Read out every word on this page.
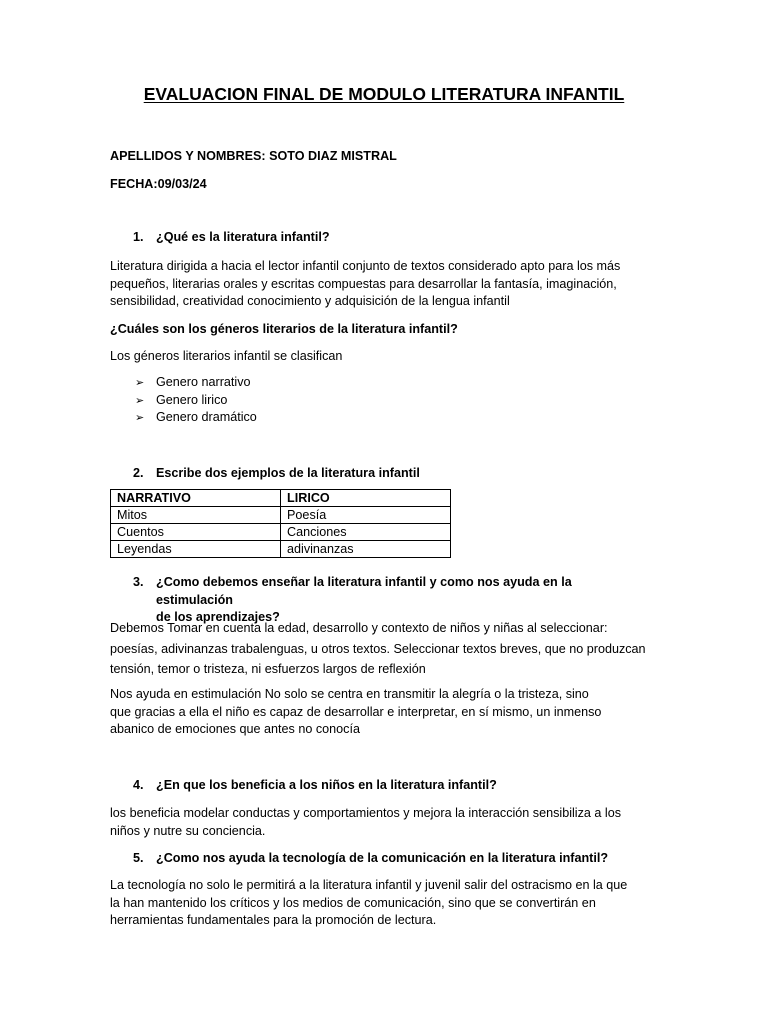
EVALUACION FINAL DE MODULO LITERATURA INFANTIL
APELLIDOS Y NOMBRES: SOTO DIAZ MISTRAL
FECHA:09/03/24
1. ¿Qué es la literatura infantil?
Literatura dirigida a hacia el lector infantil conjunto de textos considerado apto para los más
pequeños, literarias orales y escritas compuestas para desarrollar la fantasía, imaginación,
sensibilidad, creatividad conocimiento y adquisición de la lengua infantil
¿Cuáles son los géneros literarios de la literatura infantil?
Los géneros literarios infantil se clasifican
➢ Genero narrativo
➢ Genero lirico
➢ Genero dramático
2. Escribe dos ejemplos de la literatura infantil
NARRATIVO	LIRICO
Mitos	Poesía
Cuentos	Canciones
Leyendas	adivinanzas
3. ¿Como debemos enseñar la literatura infantil y como nos ayuda en la estimulación
de los aprendizajes?
Debemos Tomar en cuenta la edad, desarrollo y contexto de niños y niñas al seleccionar:
poesías, adivinanzas trabalenguas, u otros textos. Seleccionar textos breves, que no produzcan
tensión, temor o tristeza, ni esfuerzos largos de reflexión
Nos ayuda en estimulación No solo se centra en transmitir la alegría o la tristeza, sino
que gracias a ella el niño es capaz de desarrollar e interpretar, en sí mismo, un inmenso
abanico de emociones que antes no conocía
4. ¿En que los beneficia a los niños en la literatura infantil?
los beneficia modelar conductas y comportamientos y mejora la interacción sensibiliza a los
niños y nutre su conciencia.
5. ¿Como nos ayuda la tecnología de la comunicación en la literatura infantil?
La tecnología no solo le permitirá a la literatura infantil y juvenil salir del ostracismo en la que
la han mantenido los críticos y los medios de comunicación, sino que se convertirán en
herramientas fundamentales para la promoción de lectura.
